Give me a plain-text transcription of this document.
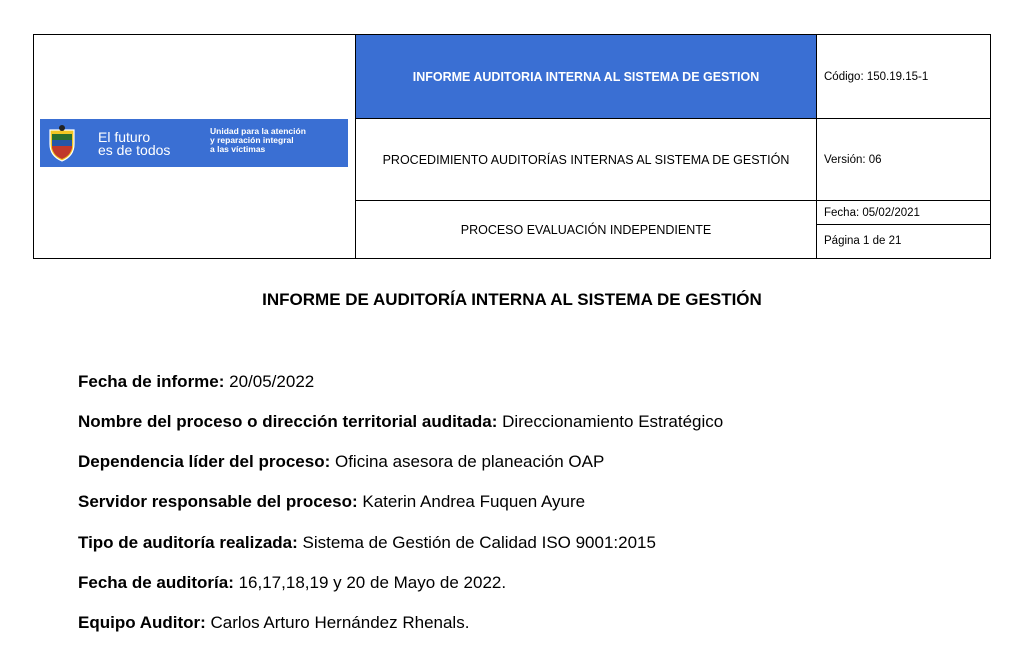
El futuro
es de todos
Unidad para la atención
y reparación integral
a las víctimas
INFORME AUDITORIA INTERNA AL SISTEMA DE GESTION
PROCEDIMIENTO AUDITORÍAS INTERNAS AL SISTEMA DE GESTIÓN
PROCESO EVALUACIÓN INDEPENDIENTE
Código: 150.19.15-1
Versión: 06
Fecha: 05/02/2021
Página 1 de 21
INFORME DE AUDITORÍA INTERNA AL SISTEMA DE GESTIÓN
Fecha de informe: 20/05/2022
Nombre del proceso o dirección territorial auditada: Direccionamiento Estratégico
Dependencia líder del proceso: Oficina asesora de planeación OAP
Servidor responsable del proceso: Katerin Andrea Fuquen Ayure
Tipo de auditoría realizada: Sistema de Gestión de Calidad ISO 9001:2015
Fecha de auditoría: 16,17,18,19 y 20 de Mayo de 2022.
Equipo Auditor: Carlos Arturo Hernández Rhenals.
